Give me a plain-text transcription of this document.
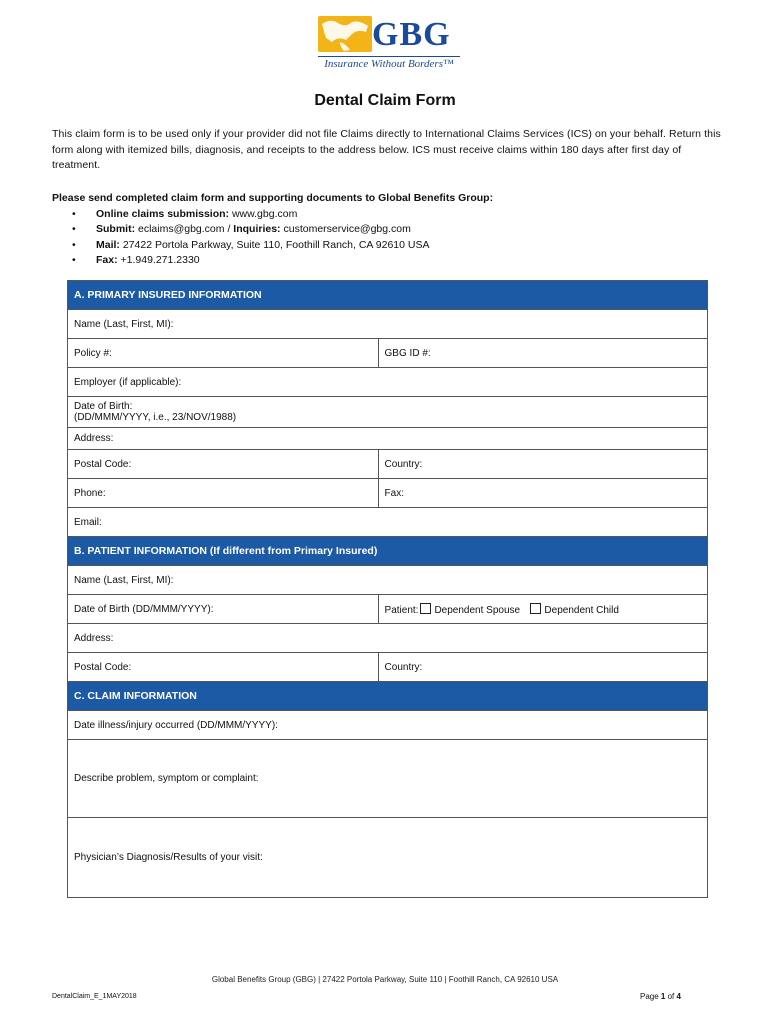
GBG
Insurance Without Borders™
Dental Claim Form
This claim form is to be used only if your provider did not file Claims directly to International Claims Services (ICS) on your behalf. Return this form along with itemized bills, diagnosis, and receipts to the address below. ICS must receive claims within 180 days after first day of treatment.
Please send completed claim form and supporting documents to Global Benefits Group:
• Online claims submission: www.gbg.com
• Submit: eclaims@gbg.com / Inquiries: customerservice@gbg.com
• Mail: 27422 Portola Parkway, Suite 110, Foothill Ranch, CA 92610 USA
• Fax: +1.949.271.2330
A. PRIMARY INSURED INFORMATION	
Name (Last, First, MI):	
Policy #:	GBG ID #:
Employer (if applicable):	

Date of Birth:
(DD/MMM/YYYY, i.e., 23/NOV/1988)	

Address:	
Postal Code:	Country:
Phone:	Fax:
Email:	
B. PATIENT INFORMATION (If different from Primary Insured)	
Name (Last, First, MI):	
Date of Birth (DD/MMM/YYYY):	Patient: Dependent Spouse Dependent Child
Address:	
Postal Code:	Country:
C. CLAIM INFORMATION	
Date illness/injury occurred (DD/MMM/YYYY):	
Describe problem, symptom or complaint:	
Physician’s Diagnosis/Results of your visit:	
Global Benefits Group (GBG) | 27422 Portola Parkway, Suite 110 | Foothill Ranch, CA 92610 USA
DentalClaim_E_1MAY2018	Page 1 of 4
